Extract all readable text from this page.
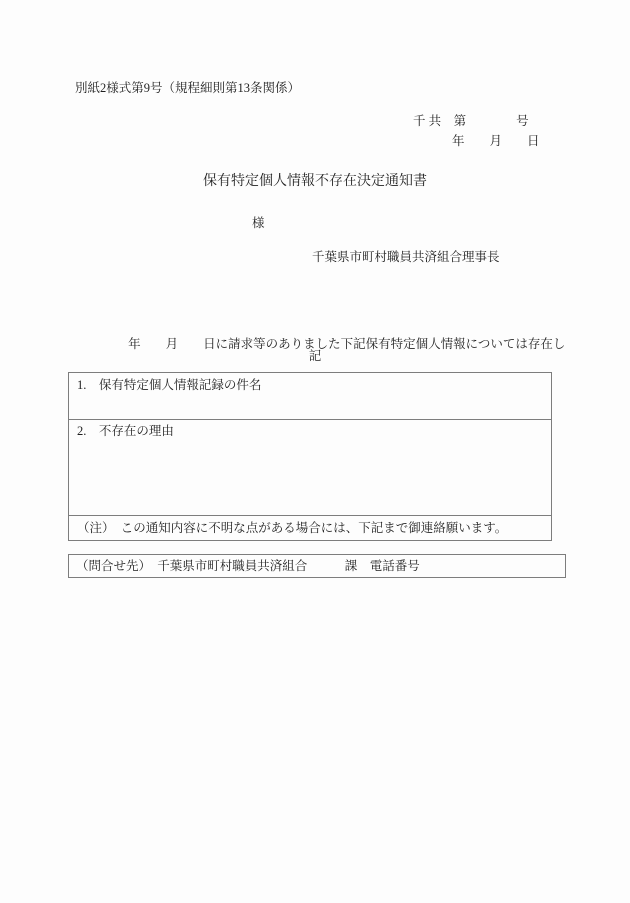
別紙2様式第9号（規程細則第13条関係）
千 共　第　　　　号
年　　月　　日
保有特定個人情報不存在決定通知書
様
千葉県市町村職員共済組合理事長

　　　　 年　　月　　日に請求等のありました下記保有特定個人情報については存在し

記
1.　保有特定個人情報記録の件名
2.　不存在の理由
（注）　この通知内容に不明な点がある場合には、下記まで御連絡願います。
（問合せ先）　千葉県市町村職員共済組合　　　課　電話番号
